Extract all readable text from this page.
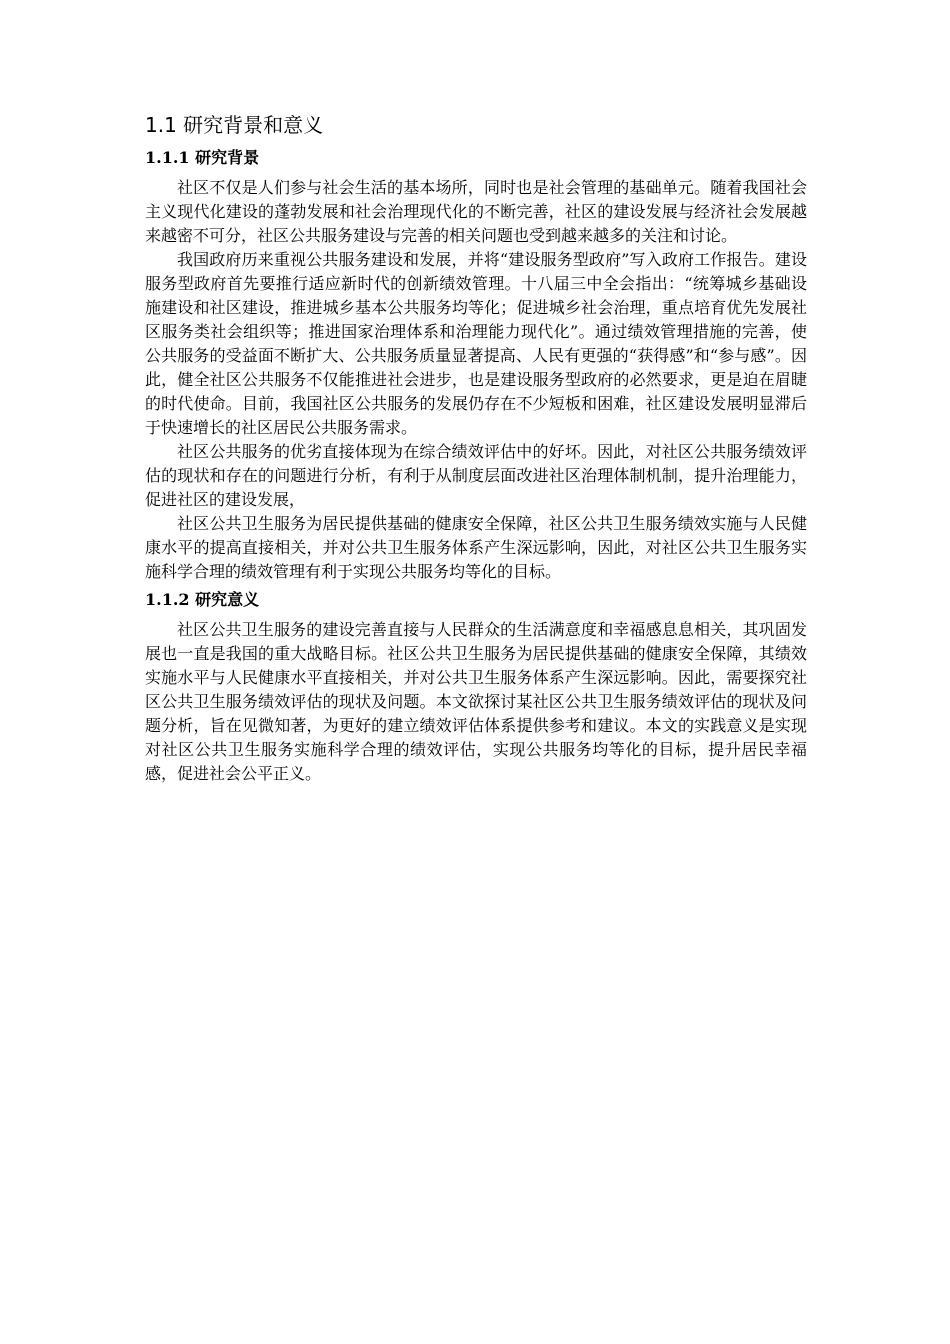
1.1 研究背景和意义
1.1.1 研究背景

社区不仅是人们参与社会生活的基本场所，同时也是社会管理的基础单元。随着我国社会主义现代化建设的蓬勃发展和社会治理现代化的不断完善，社区的建设发展与经济社会发展越来越密不可分，社区公共服务建设与完善的相关问题也受到越来越多的关注和讨论。

我国政府历来重视公共服务建设和发展，并将“建设服务型政府”写入政府工作报告。建设服务型政府首先要推行适应新时代的创新绩效管理。十八届三中全会指出：“统筹城乡基础设施建设和社区建设，推进城乡基本公共服务均等化；促进城乡社会治理，重点培育优先发展社区服务类社会组织等；推进国家治理体系和治理能力现代化”。通过绩效管理措施的完善，使公共服务的受益面不断扩大、公共服务质量显著提高、人民有更强的“获得感”和“参与感”。因此，健全社区公共服务不仅能推进社会进步，也是建设服务型政府的必然要求，更是迫在眉睫的时代使命。目前，我国社区公共服务的发展仍存在不少短板和困难，社区建设发展明显滞后于快速增长的社区居民公共服务需求。

社区公共服务的优劣直接体现为在综合绩效评估中的好坏。因此，对社区公共服务绩效评估的现状和存在的问题进行分析，有利于从制度层面改进社区治理体制机制，提升治理能力，促进社区的建设发展，

社区公共卫生服务为居民提供基础的健康安全保障，社区公共卫生服务绩效实施与人民健康水平的提高直接相关，并对公共卫生服务体系产生深远影响，因此，对社区公共卫生服务实施科学合理的绩效管理有利于实现公共服务均等化的目标。

1.1.2 研究意义

社区公共卫生服务的建设完善直接与人民群众的生活满意度和幸福感息息相关，其巩固发展也一直是我国的重大战略目标。社区公共卫生服务为居民提供基础的健康安全保障，其绩效实施水平与人民健康水平直接相关，并对公共卫生服务体系产生深远影响。因此，需要探究社区公共卫生服务绩效评估的现状及问题。本文欲探讨某社区公共卫生服务绩效评估的现状及问题分析，旨在见微知著，为更好的建立绩效评估体系提供参考和建议。本文的实践意义是实现对社区公共卫生服务实施科学合理的绩效评估，实现公共服务均等化的目标，提升居民幸福感，促进社会公平正义。
